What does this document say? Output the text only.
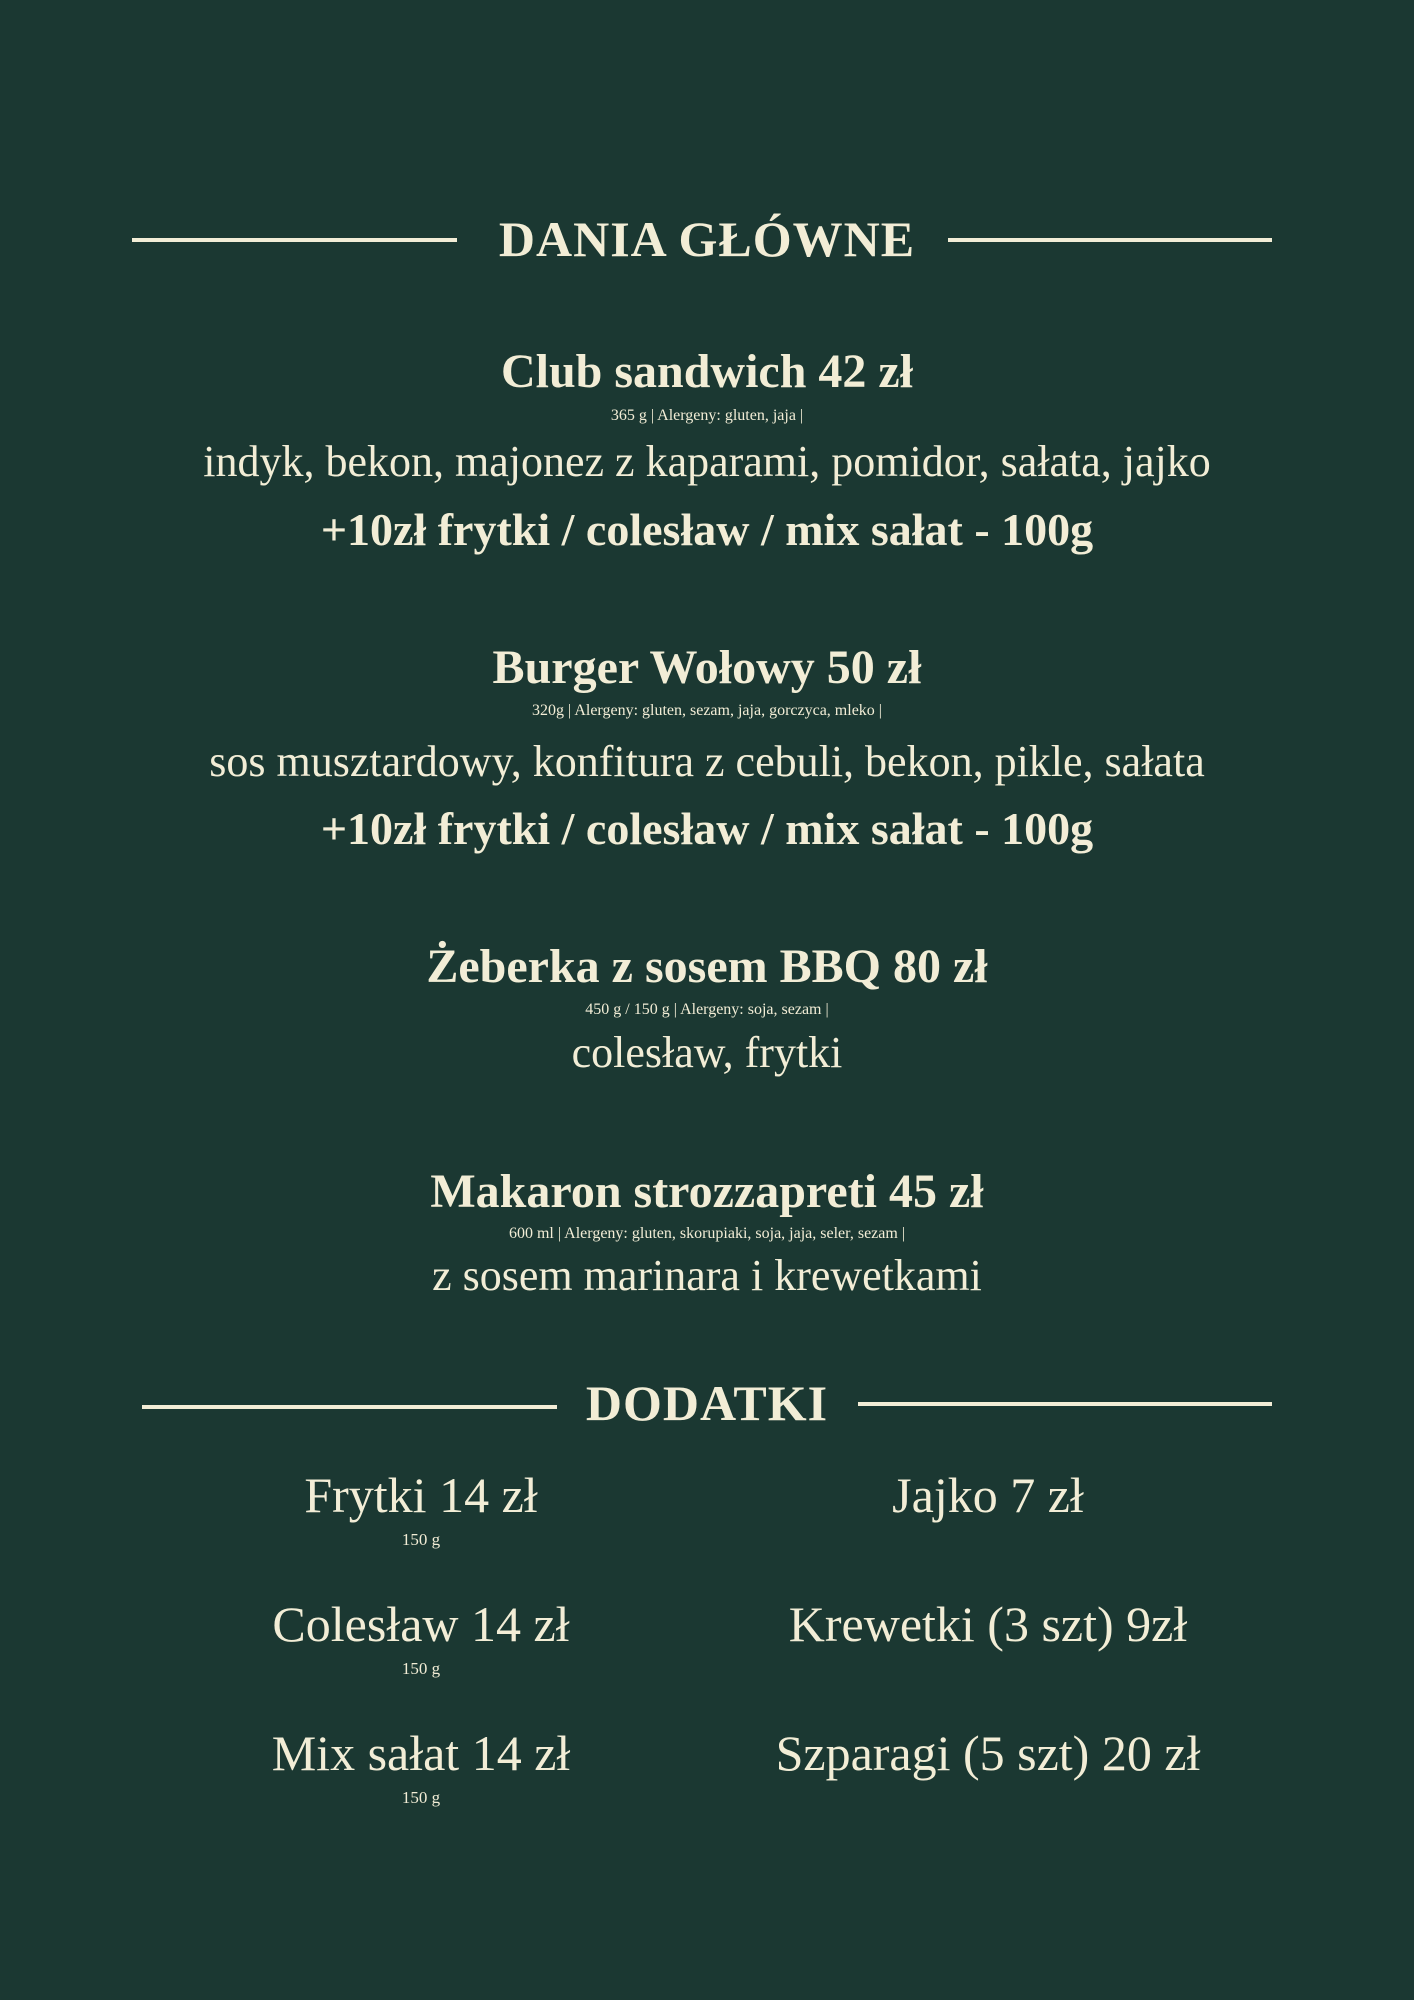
DANIA GŁÓWNE
Club sandwich 42 zł
365 g | Alergeny: gluten, jaja |
indyk, bekon, majonez z kaparami, pomidor, sałata, jajko
+10zł frytki / colesław / mix sałat - 100g
Burger Wołowy 50 zł
320g | Alergeny: gluten, sezam, jaja, gorczyca, mleko |
sos musztardowy, konfitura z cebuli, bekon, pikle, sałata
+10zł frytki / colesław / mix sałat - 100g
Żeberka z sosem BBQ 80 zł
450 g / 150 g | Alergeny: soja, sezam |
colesław, frytki
Makaron strozzapreti 45 zł
600 ml | Alergeny: gluten, skorupiaki, soja, jaja, seler, sezam |
z sosem marinara i krewetkami
DODATKI
Frytki 14 zł
150 g
Colesław 14 zł
150 g
Mix sałat 14 zł
150 g
Jajko 7 zł
Krewetki (3 szt) 9zł
Szparagi (5 szt) 20 zł
